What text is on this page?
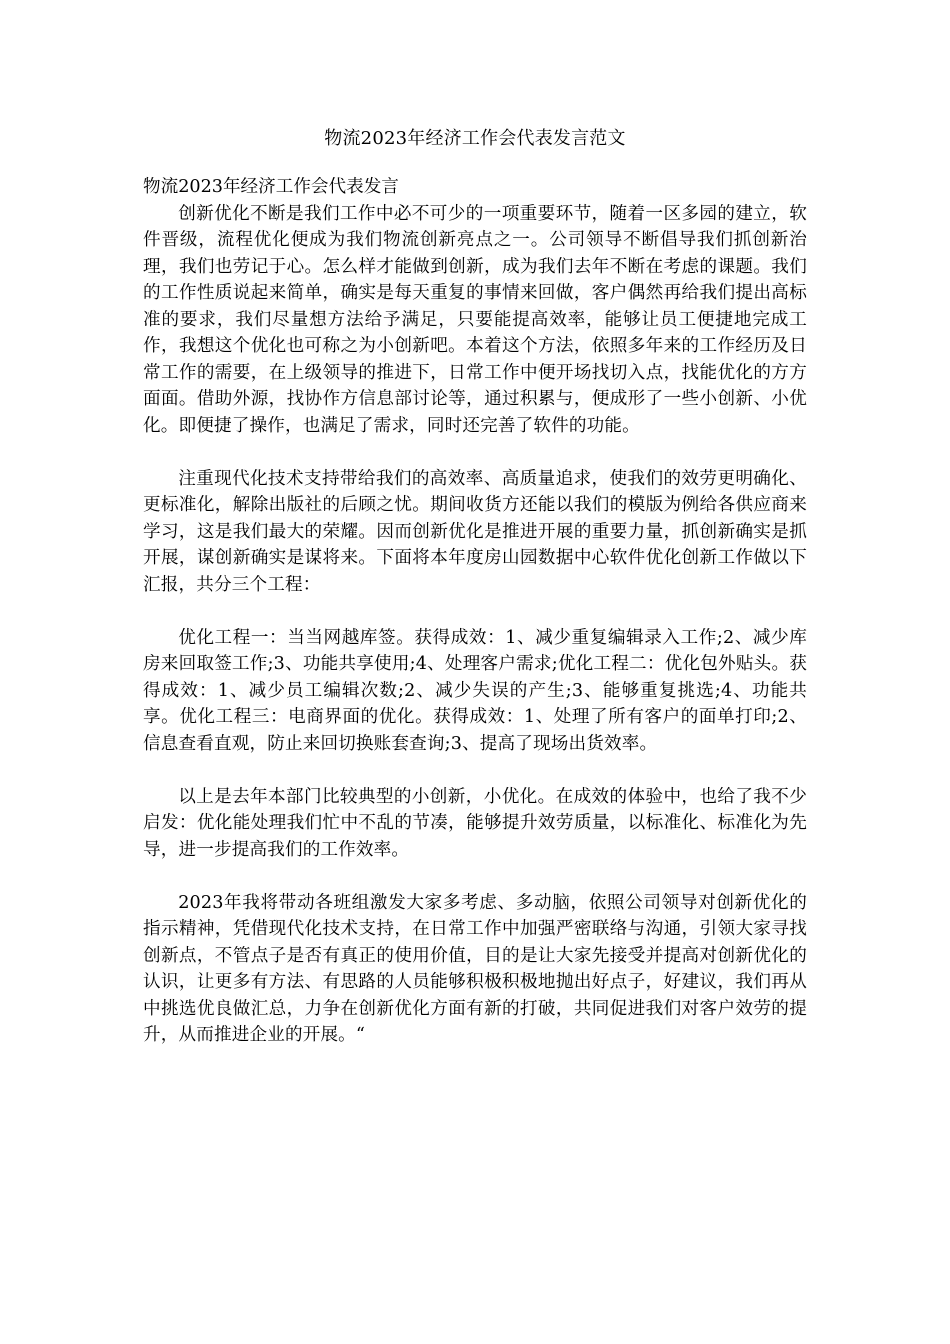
物流2023年经济工作会代表发言范文

物流2023年经济工作会代表发言

创新优化不断是我们工作中必不可少的一项重要环节，随着一区多园的建立，软件晋级，流程优化便成为我们物流创新亮点之一。公司领导不断倡导我们抓创新治理，我们也劳记于心。怎么样才能做到创新，成为我们去年不断在考虑的课题。我们的工作性质说起来简单，确实是每天重复的事情来回做，客户偶然再给我们提出高标准的要求，我们尽量想方法给予满足，只要能提高效率，能够让员工便捷地完成工作，我想这个优化也可称之为小创新吧。本着这个方法，依照多年来的工作经历及日常工作的需要，在上级领导的推进下，日常工作中便开场找切入点，找能优化的方方面面。借助外源，找协作方信息部讨论等，通过积累与，便成形了一些小创新、小优化。即便捷了操作，也满足了需求，同时还完善了软件的功能。

注重现代化技术支持带给我们的高效率、高质量追求，使我们的效劳更明确化、更标准化，解除出版社的后顾之忧。期间收货方还能以我们的模版为例给各供应商来学习，这是我们最大的荣耀。因而创新优化是推进开展的重要力量，抓创新确实是抓开展，谋创新确实是谋将来。下面将本年度房山园数据中心软件优化创新工作做以下汇报，共分三个工程：

优化工程一：当当网越库签。获得成效：1、减少重复编辑录入工作;2、减少库房来回取签工作;3、功能共享使用;4、处理客户需求;优化工程二：优化包外贴头。获得成效：1、减少员工编辑次数;2、减少失误的产生;3、能够重复挑选;4、功能共享。优化工程三：电商界面的优化。获得成效：1、处理了所有客户的面单打印;2、信息查看直观，防止来回切换账套查询;3、提高了现场出货效率。

以上是去年本部门比较典型的小创新，小优化。在成效的体验中，也给了我不少启发：优化能处理我们忙中不乱的节凑，能够提升效劳质量，以标准化、标准化为先导，进一步提高我们的工作效率。

2023年我将带动各班组激发大家多考虑、多动脑，依照公司领导对创新优化的指示精神，凭借现代化技术支持，在日常工作中加强严密联络与沟通，引领大家寻找创新点，不管点子是否有真正的使用价值，目的是让大家先接受并提高对创新优化的认识，让更多有方法、有思路的人员能够积极积极地抛出好点子，好建议，我们再从中挑选优良做汇总，力争在创新优化方面有新的打破，共同促进我们对客户效劳的提升，从而推进企业的开展。“
